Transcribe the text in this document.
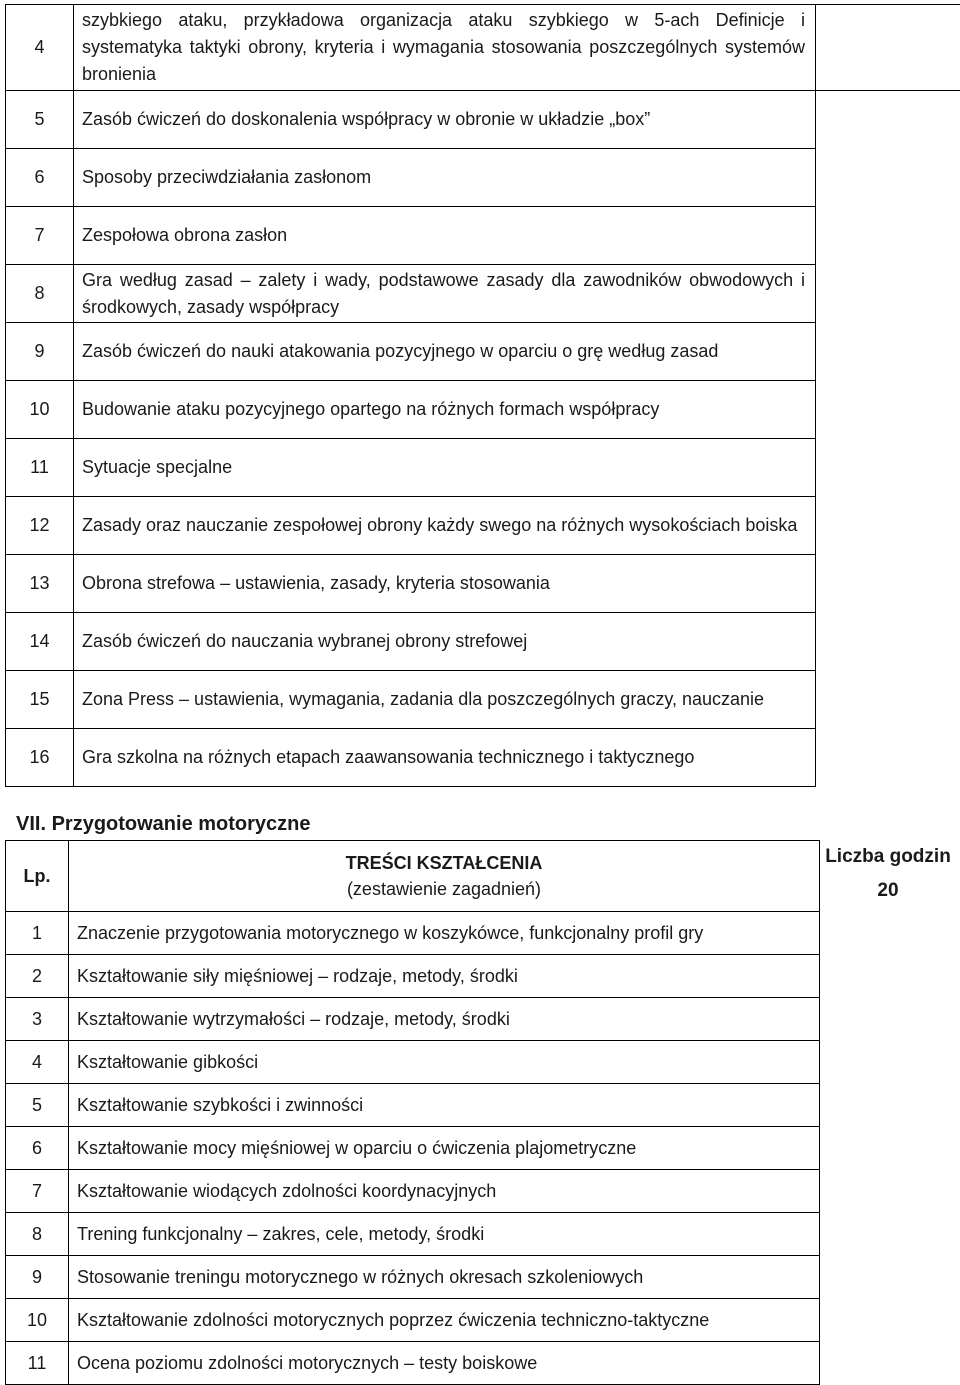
4	szybkiego ataku, przykładowa organizacja ataku szybkiego w 5-ach Definicje i systematyka taktyki obrony, kryteria i wymagania stosowania poszczególnych systemów bronienia	
5	Zasób ćwiczeń do doskonalenia współpracy w obronie w układzie „box”	
6	Sposoby przeciwdziałania zasłonom	
7	Zespołowa obrona zasłon	
8	Gra według zasad – zalety i wady, podstawowe zasady dla zawodników obwodowych i środkowych, zasady współpracy	
9	Zasób ćwiczeń do nauki atakowania pozycyjnego w oparciu o grę według zasad	
10	Budowanie ataku pozycyjnego opartego na różnych formach współpracy	
11	Sytuacje specjalne	
12	Zasady oraz nauczanie zespołowej obrony każdy swego na różnych wysokościach boiska	
13	Obrona strefowa – ustawienia, zasady, kryteria stosowania	
14	Zasób ćwiczeń do nauczania wybranej obrony strefowej	
15	Zona Press – ustawienia, wymagania, zadania dla poszczególnych graczy, nauczanie	
16	Gra szkolna na różnych etapach zaawansowania technicznego i taktycznego	
VII. Przygotowanie motoryczne
Lp.	TREŚCI KSZTAŁCENIA
(zestawienie zagadnień)

1	Znaczenie przygotowania motorycznego w koszykówce, funkcjonalny profil gry
2	Kształtowanie siły mięśniowej – rodzaje, metody, środki
3	Kształtowanie wytrzymałości – rodzaje, metody, środki
4	Kształtowanie gibkości
5	Kształtowanie szybkości i zwinności
6	Kształtowanie mocy mięśniowej w oparciu o ćwiczenia plajometryczne
7	Kształtowanie wiodących zdolności koordynacyjnych
8	Trening funkcjonalny – zakres, cele, metody, środki
9	Stosowanie treningu motorycznego w różnych okresach szkoleniowych
10	Kształtowanie zdolności motorycznych poprzez ćwiczenia techniczno-taktyczne
11	Ocena poziomu zdolności motorycznych – testy boiskowe
Liczba godzin
20
